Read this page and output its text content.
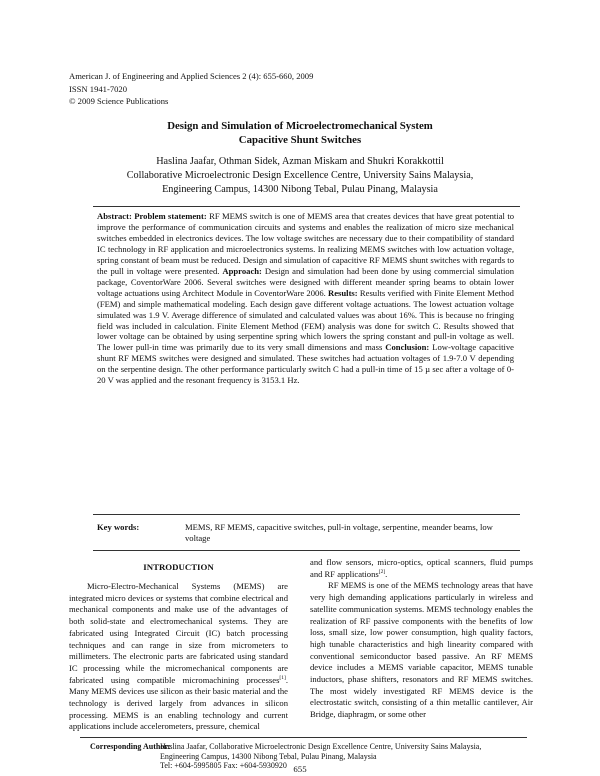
American J. of Engineering and Applied Sciences 2 (4): 655-660, 2009
ISSN 1941-7020
© 2009 Science Publications
Design and Simulation of Microelectromechanical System
Capacitive Shunt Switches
Haslina Jaafar, Othman Sidek, Azman Miskam and Shukri Korakkottil
Collaborative Microelectronic Design Excellence Centre, University Sains Malaysia,
Engineering Campus, 14300 Nibong Tebal, Pulau Pinang, Malaysia
Abstract: Problem statement: RF MEMS switch is one of MEMS area that creates devices that have great potential to improve the performance of communication circuits and systems and enables the realization of micro size mechanical switches embedded in electronics devices. The low voltage switches are necessary due to their compatibility of standard IC technology in RF application and microelectronics systems. In realizing MEMS switches with low actuation voltage, spring constant of beam must be reduced. Design and simulation of capacitive RF MEMS shunt switches with regards to the pull in voltage were presented. Approach: Design and simulation had been done by using commercial simulation package, CoventorWare 2006. Several switches were designed with different meander spring beams to obtain lower voltage actuations using Architect Module in CoventorWare 2006. Results: Results verified with Finite Element Method (FEM) and simple mathematical modeling. Each design gave different voltage actuations. The lowest actuation voltage simulated was 1.9 V. Average difference of simulated and calculated values was about 16%. This is because no fringing field was included in calculation. Finite Element Method (FEM) analysis was done for switch C. Results showed that lower voltage can be obtained by using serpentine spring which lowers the spring constant and pull-in voltage as well. The lower pull-in time was primarily due to its very small dimensions and mass Conclusion: Low-voltage capacitive shunt RF MEMS switches were designed and simulated. These switches had actuation voltages of 1.9-7.0 V depending on the serpentine design. The other performance particularly switch C had a pull-in time of 15 µ sec after a voltage of 0-20 V was applied and the resonant frequency is 3153.1 Hz.
Key words:	MEMS, RF MEMS, capacitive switches, pull-in voltage, serpentine, meander beams, low voltage
INTRODUCTION

Micro-Electro-Mechanical Systems (MEMS) are integrated micro devices or systems that combine electrical and mechanical components and make use of the advantages of both solid-state and electromechanical systems. They are fabricated using Integrated Circuit (IC) batch processing techniques and can range in size from micrometers to millimeters. The electronic parts are fabricated using standard IC processing while the micromechanical components are fabricated using compatible micromachining processes[1]. Many MEMS devices use silicon as their basic material and the technology is derived largely from advances in silicon processing. MEMS is an enabling technology and current applications include accelerometers, pressure, chemical

and flow sensors, micro-optics, optical scanners, fluid pumps and RF applications[2].

RF MEMS is one of the MEMS technology areas that have very high demanding applications particularly in wireless and satellite communication systems. MEMS technology enables the realization of RF passive components with the benefits of low loss, small size, low power consumption, high quality factors, high tunable characteristics and high linearity compared with conventional semiconductor based passive. An RF MEMS device includes a MEMS variable capacitor, MEMS tunable inductors, phase shifters, resonators and RF MEMS switches. The most widely investigated RF MEMS device is the electrostatic switch, consisting of a thin metallic cantilever, Air Bridge, diaphragm, or some other

Corresponding Author:
Haslina Jaafar, Collaborative Microelectronic Design Excellence Centre, University Sains Malaysia,
Engineering Campus, 14300 Nibong Tebal, Pulau Pinang, Malaysia
Tel: +604-5995805 Fax: +604-5930920 655
